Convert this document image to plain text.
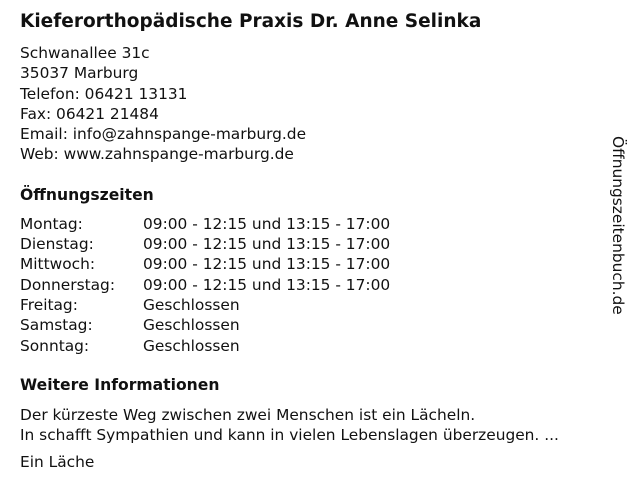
Kieferorthopädische Praxis Dr. Anne Selinka
Schwanallee 31c
35037 Marburg
Telefon: 06421 13131
Fax: 06421 21484
Email: info@zahnspange-marburg.de
Web: www.zahnspange-marburg.de
Öffnungszeiten
Montag:	09:00 - 12:15 und 13:15 - 17:00
Dienstag:	09:00 - 12:15 und 13:15 - 17:00
Mittwoch:	09:00 - 12:15 und 13:15 - 17:00
Donnerstag:	09:00 - 12:15 und 13:15 - 17:00
Freitag:	Geschlossen
Samstag:	Geschlossen
Sonntag:	Geschlossen
Weitere Informationen
Der kürzeste Weg zwischen zwei Menschen ist ein Lächeln.
In schafft Sympathien und kann in vielen Lebenslagen überzeugen. ...
Ein Läche
Öffnungszeitenbuch.de
